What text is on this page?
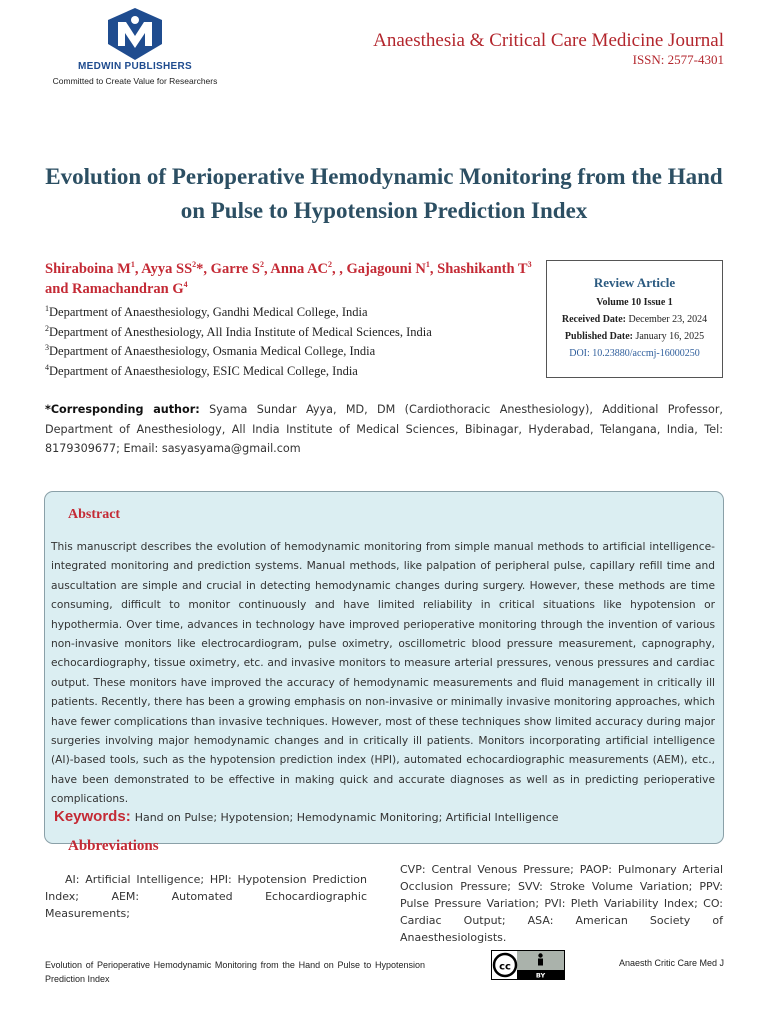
MEDWIN PUBLISHERS
Committed to Create Value for Researchers
Anaesthesia & Critical Care Medicine Journal
ISSN: 2577-4301
Evolution of Perioperative Hemodynamic Monitoring from the Hand on Pulse to Hypotension Prediction Index
Shiraboina $M^1$, Ayya $SS^2*$, Garre $S^2$, Anna $AC^2$, , Gajagouni $N^1$, Shashikanth $T^3$ and Ramachandran $G^4$
$^1$Department of Anaesthesiology, Gandhi Medical College, India
$^2$Department of Anesthesiology, All India Institute of Medical Sciences, India
$^3$Department of Anaesthesiology, Osmania Medical College, India
$^4$Department of Anaesthesiology, ESIC Medical College, India
Review Article
Volume 10 Issue 1
Received Date: December 23, 2024
Published Date: January 16, 2025
DOI: 10.23880/accmj-16000250
*Corresponding author: Syama Sundar Ayya, MD, DM (Cardiothoracic Anesthesiology), Additional Professor, Department of Anesthesiology, All India Institute of Medical Sciences, Bibinagar, Hyderabad, Telangana, India, Tel: 8179309677; Email: sasyasyama@gmail.com
Abstract
This manuscript describes the evolution of hemodynamic monitoring from simple manual methods to artificial intelligence-integrated monitoring and prediction systems. Manual methods, like palpation of peripheral pulse, capillary refill time and auscultation are simple and crucial in detecting hemodynamic changes during surgery. However, these methods are time consuming, difficult to monitor continuously and have limited reliability in critical situations like hypotension or hypothermia. Over time, advances in technology have improved perioperative monitoring through the invention of various non-invasive monitors like electrocardiogram, pulse oximetry, oscillometric blood pressure measurement, capnography, echocardiography, tissue oximetry, etc. and invasive monitors to measure arterial pressures, venous pressures and cardiac output. These monitors have improved the accuracy of hemodynamic measurements and fluid management in critically ill patients. Recently, there has been a growing emphasis on non-invasive or minimally invasive monitoring approaches, which have fewer complications than invasive techniques. However, most of these techniques show limited accuracy during major surgeries involving major hemodynamic changes and in critically ill patients. Monitors incorporating artificial intelligence (AI)-based tools, such as the hypotension prediction index (HPI), automated echocardiographic measurements (AEM), etc., have been demonstrated to be effective in making quick and accurate diagnoses as well as in predicting perioperative complications.
Keywords: Hand on Pulse; Hypotension; Hemodynamic Monitoring; Artificial Intelligence
Abbreviations
AI: Artificial Intelligence; HPI: Hypotension Prediction Index; AEM: Automated Echocardiographic Measurements;
CVP: Central Venous Pressure; PAOP: Pulmonary Arterial Occlusion Pressure; SVV: Stroke Volume Variation; PPV: Pulse Pressure Variation; PVI: Pleth Variability Index; CO: Cardiac Output; ASA: American Society of Anaesthesiologists.
Evolution of Perioperative Hemodynamic Monitoring from the Hand on Pulse to Hypotension Prediction Index
cc
BY
Anaesth Critic Care Med J
